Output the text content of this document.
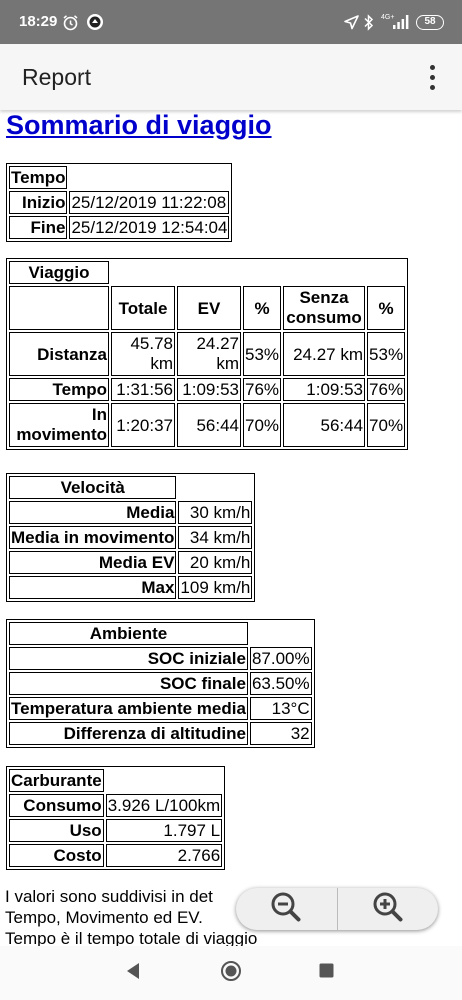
18:29	4G+	58
Report
Sommario di viaggio
Tempo	
Inizio	25/12/2019 11:22:08
Fine	25/12/2019 12:54:04
Viaggio					
	Totale	EV	%	Senza consumo	%
Distanza	45.78 km	24.27 km	53%	24.27 km	53%
Tempo	1:31:56	1:09:53	76%	1:09:53	76%
In movimento	1:20:37	56:44	70%	56:44	70%
Velocità	
Media	30 km/h
Media in movimento	34 km/h
Media EV	20 km/h
Max	109 km/h
Ambiente	
SOC iniziale	87.00%
SOC finale	63.50%
Temperatura ambiente media	13°C
Differenza di altitudine	32
Carburante	
Consumo	3.926 L/100km
Uso	1.797 L
Costo	2.766
I valori sono suddivisi in det
Tempo, Movimento ed EV.
Tempo è il tempo totale di viaggio
